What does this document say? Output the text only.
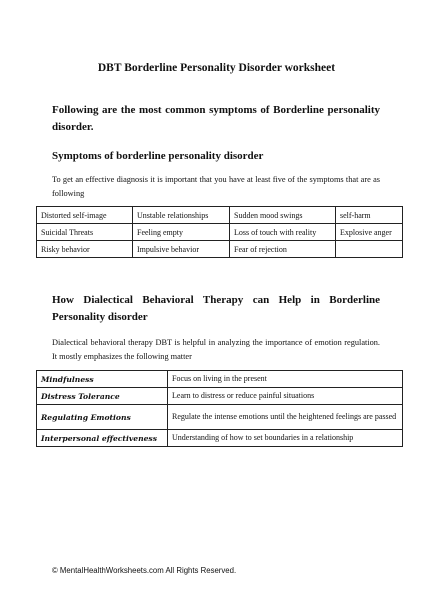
DBT Borderline Personality Disorder worksheet
Following are the most common symptoms of Borderline personality disorder.
Symptoms of borderline personality disorder
To get an effective diagnosis it is important that you have at least five of the symptoms that are as following
Distorted self-image	Unstable relationships	Sudden mood swings	self-harm
Suicidal Threats	Feeling empty	Loss of touch with reality	Explosive anger
Risky behavior	Impulsive behavior	Fear of rejection	
How Dialectical Behavioral Therapy can Help in Borderline Personality disorder
Dialectical behavioral therapy DBT is helpful in analyzing the importance of emotion regulation. It mostly emphasizes the following matter
Mindfulness	Focus on living in the present
Distress Tolerance	Learn to distress or reduce painful situations
Regulating Emotions	Regulate the intense emotions until the heightened feelings are passed
Interpersonal effectiveness	Understanding of how to set boundaries in a relationship
© MentalHealthWorksheets.com All Rights Reserved.
